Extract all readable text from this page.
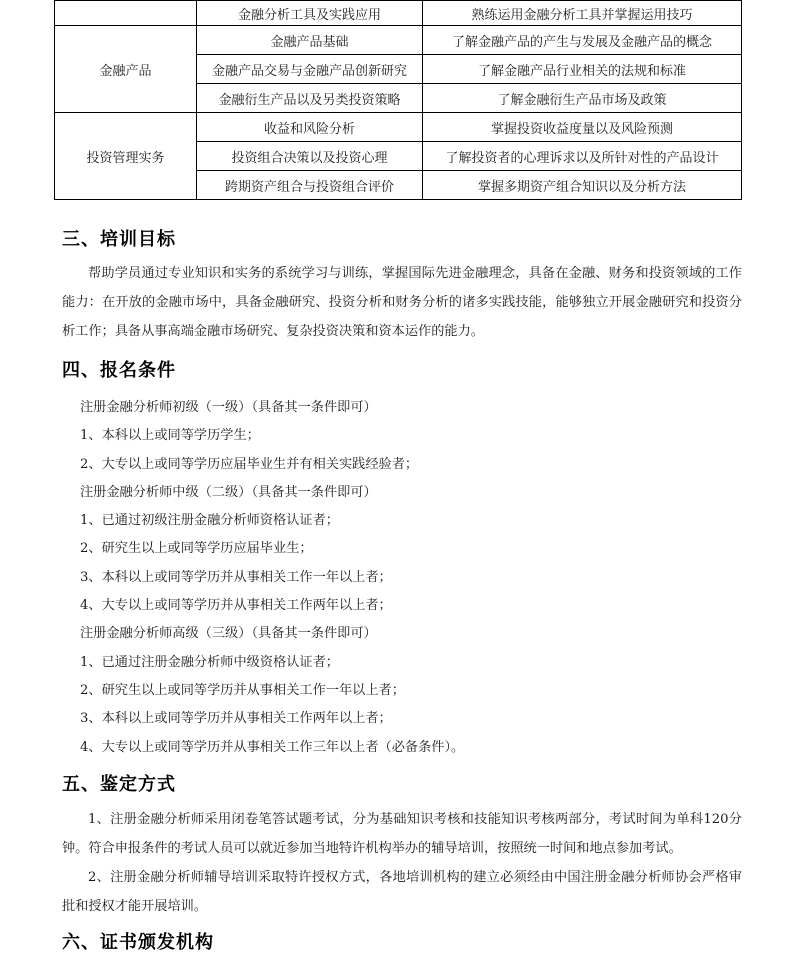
	金融分析工具及实践应用	熟练运用金融分析工具并掌握运用技巧
金融产品	金融产品基础	了解金融产品的产生与发展及金融产品的概念
	金融产品交易与金融产品创新研究	了解金融产品行业相关的法规和标准
	金融衍生产品以及另类投资策略	了解金融衍生产品市场及政策
投资管理实务	收益和风险分析	掌握投资收益度量以及风险预测
	投资组合决策以及投资心理	了解投资者的心理诉求以及所针对性的产品设计
	跨期资产组合与投资组合评价	掌握多期资产组合知识以及分析方法
三、培训目标

帮助学员通过专业知识和实务的系统学习与训练，掌握国际先进金融理念，具备在金融、财务和投资领域的工作能力：在开放的金融市场中，具备金融研究、投资分析和财务分析的诸多实践技能，能够独立开展金融研究和投资分析工作；具备从事高端金融市场研究、复杂投资决策和资本运作的能力。

四、报名条件
注册金融分析师初级（一级）（具备其一条件即可）
1、本科以上或同等学历学生；
2、大专以上或同等学历应届毕业生并有相关实践经验者；
注册金融分析师中级（二级）（具备其一条件即可）
1、已通过初级注册金融分析师资格认证者；
2、研究生以上或同等学历应届毕业生；
3、本科以上或同等学历并从事相关工作一年以上者；
4、大专以上或同等学历并从事相关工作两年以上者；
注册金融分析师高级（三级）（具备其一条件即可）
1、已通过注册金融分析师中级资格认证者；
2、研究生以上或同等学历并从事相关工作一年以上者；
3、本科以上或同等学历并从事相关工作两年以上者；
4、大专以上或同等学历并从事相关工作三年以上者（必备条件）。
五、鉴定方式

1、注册金融分析师采用闭卷笔答试题考试，分为基础知识考核和技能知识考核两部分，考试时间为单科120分钟。符合申报条件的考试人员可以就近参加当地特许机构举办的辅导培训，按照统一时间和地点参加考试。

2、注册金融分析师辅导培训采取特许授权方式，各地培训机构的建立必须经由中国注册金融分析师协会严格审批和授权才能开展培训。

六、证书颁发机构
